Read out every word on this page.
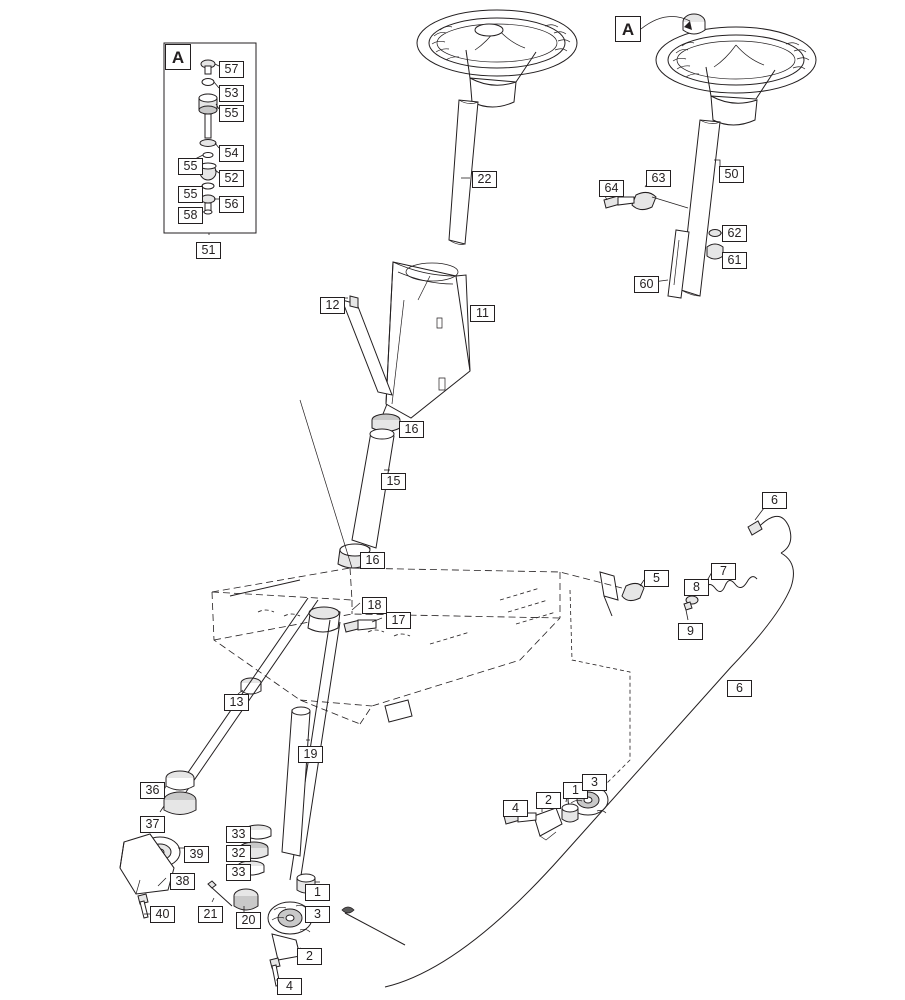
A
A
57
53
55
54
55
52
55
56
58
51
22
11
12
16
15
16
18
17
13
19
36
37
39
38
40
33
32
33
21	20
1
3
2
4
4
2
1
3
5
8
7
9
6
6
50
63
64
62
61
60
